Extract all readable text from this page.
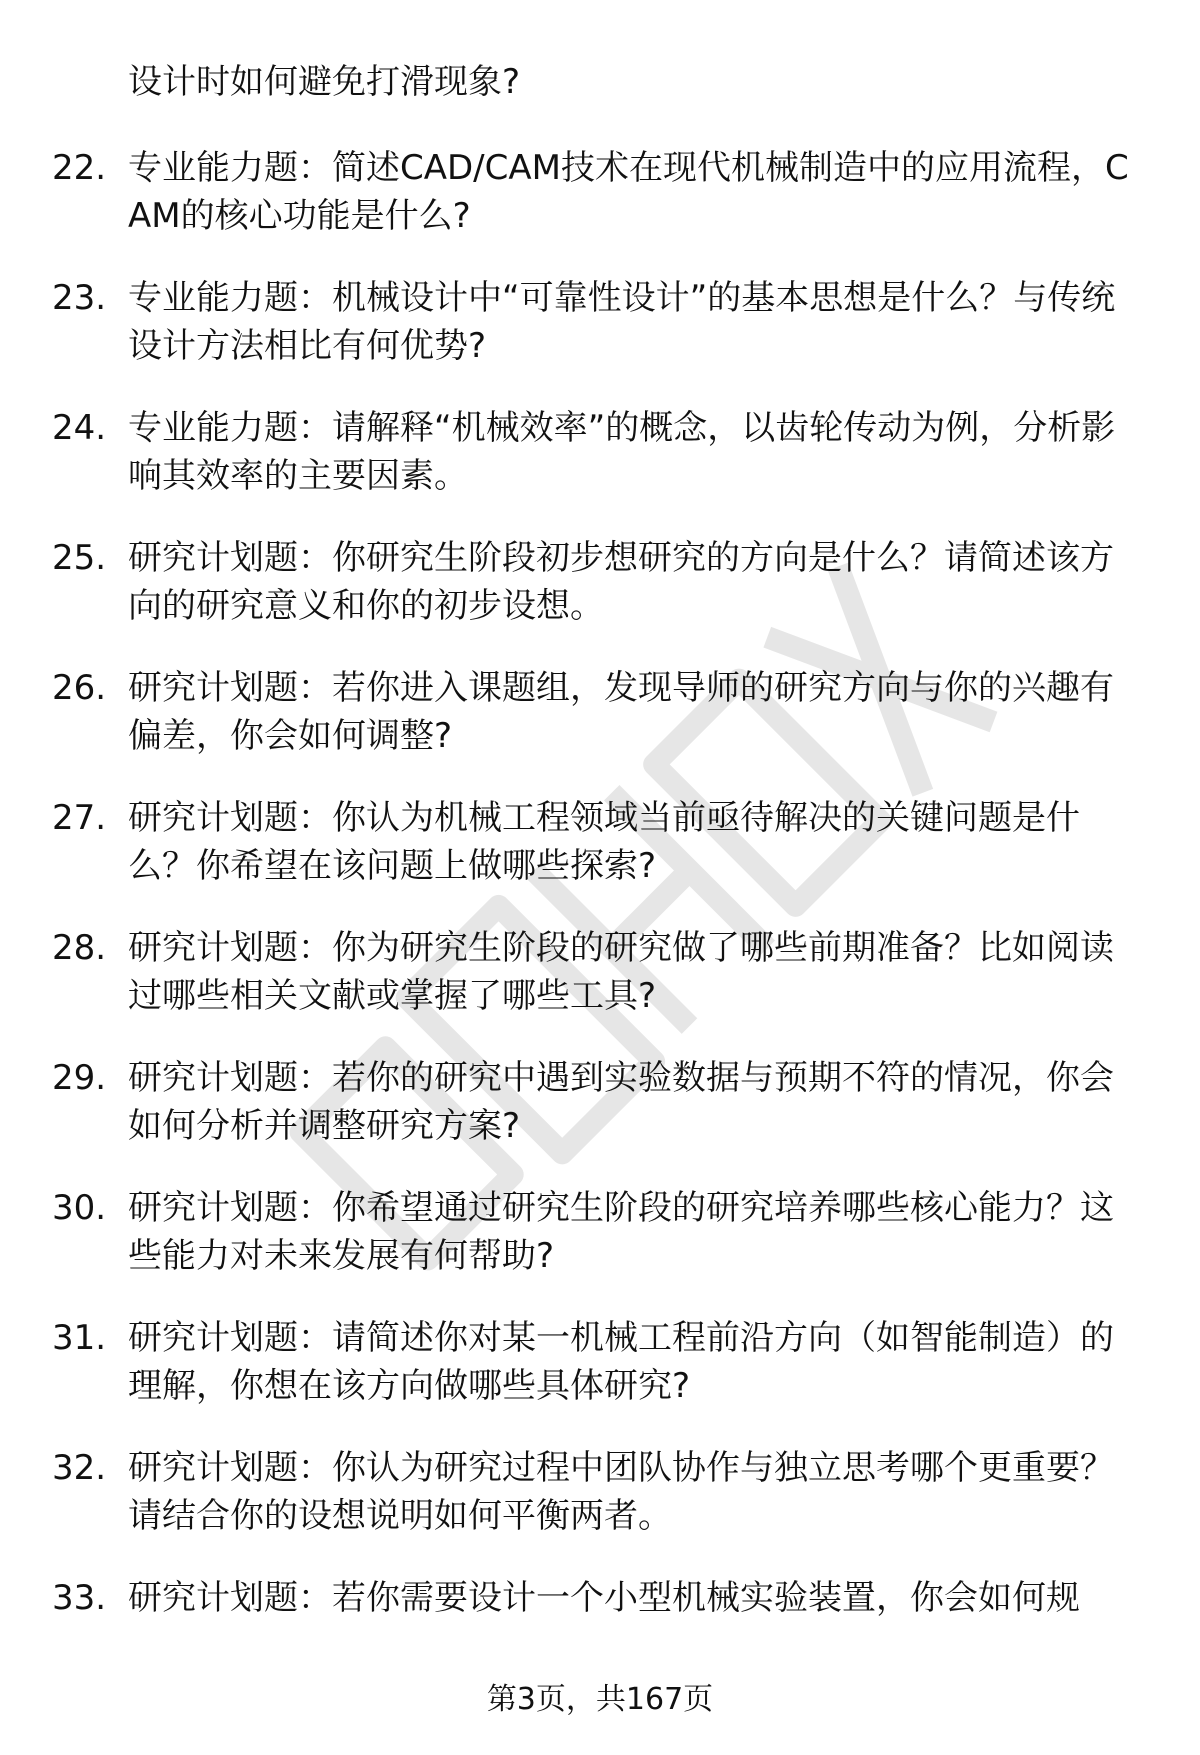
设计时如何避免打滑现象?
22. 专业能力题：简述CAD/CAM技术在现代机械制造中的应用流程，CAM的核心功能是什么?
23. 专业能力题：机械设计中“可靠性设计”的基本思想是什么？与传统设计方法相比有何优势?
24. 专业能力题：请解释“机械效率”的概念，以齿轮传动为例，分析影响其效率的主要因素。
25. 研究计划题：你研究生阶段初步想研究的方向是什么？请简述该方向的研究意义和你的初步设想。
26. 研究计划题：若你进入课题组，发现导师的研究方向与你的兴趣有偏差，你会如何调整?
27. 研究计划题：你认为机械工程领域当前亟待解决的关键问题是什么？你希望在该问题上做哪些探索?
28. 研究计划题：你为研究生阶段的研究做了哪些前期准备？比如阅读过哪些相关文献或掌握了哪些工具?
29. 研究计划题：若你的研究中遇到实验数据与预期不符的情况，你会如何分析并调整研究方案?
30. 研究计划题：你希望通过研究生阶段的研究培养哪些核心能力？这些能力对未来发展有何帮助?
31. 研究计划题：请简述你对某一机械工程前沿方向（如智能制造）的理解，你想在该方向做哪些具体研究?
32. 研究计划题：你认为研究过程中团队协作与独立思考哪个更重要？请结合你的设想说明如何平衡两者。
33. 研究计划题：若你需要设计一个小型机械实验装置，你会如何规
第3页，共167页
